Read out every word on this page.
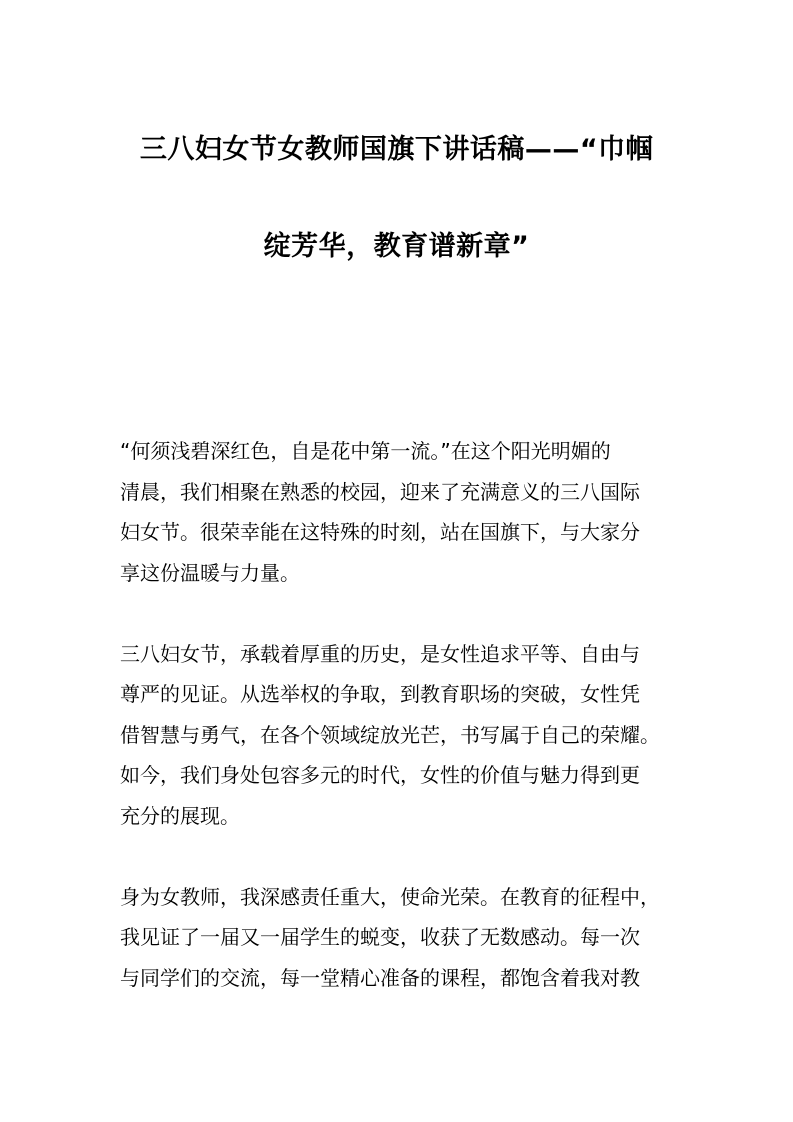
三八妇女节女教师国旗下讲话稿——“巾帼
绽芳华，教育谱新章”
“何须浅碧深红色，自是花中第一流。”在这个阳光明媚的
清晨，我们相聚在熟悉的校园，迎来了充满意义的三八国际
妇女节。很荣幸能在这特殊的时刻，站在国旗下，与大家分
享这份温暖与力量。
三八妇女节，承载着厚重的历史，是女性追求平等、自由与
尊严的见证。从选举权的争取，到教育职场的突破，女性凭
借智慧与勇气，在各个领域绽放光芒，书写属于自己的荣耀。
如今，我们身处包容多元的时代，女性的价值与魅力得到更
充分的展现。
身为女教师，我深感责任重大，使命光荣。在教育的征程中，
我见证了一届又一届学生的蜕变，收获了无数感动。每一次
与同学们的交流，每一堂精心准备的课程，都饱含着我对教
